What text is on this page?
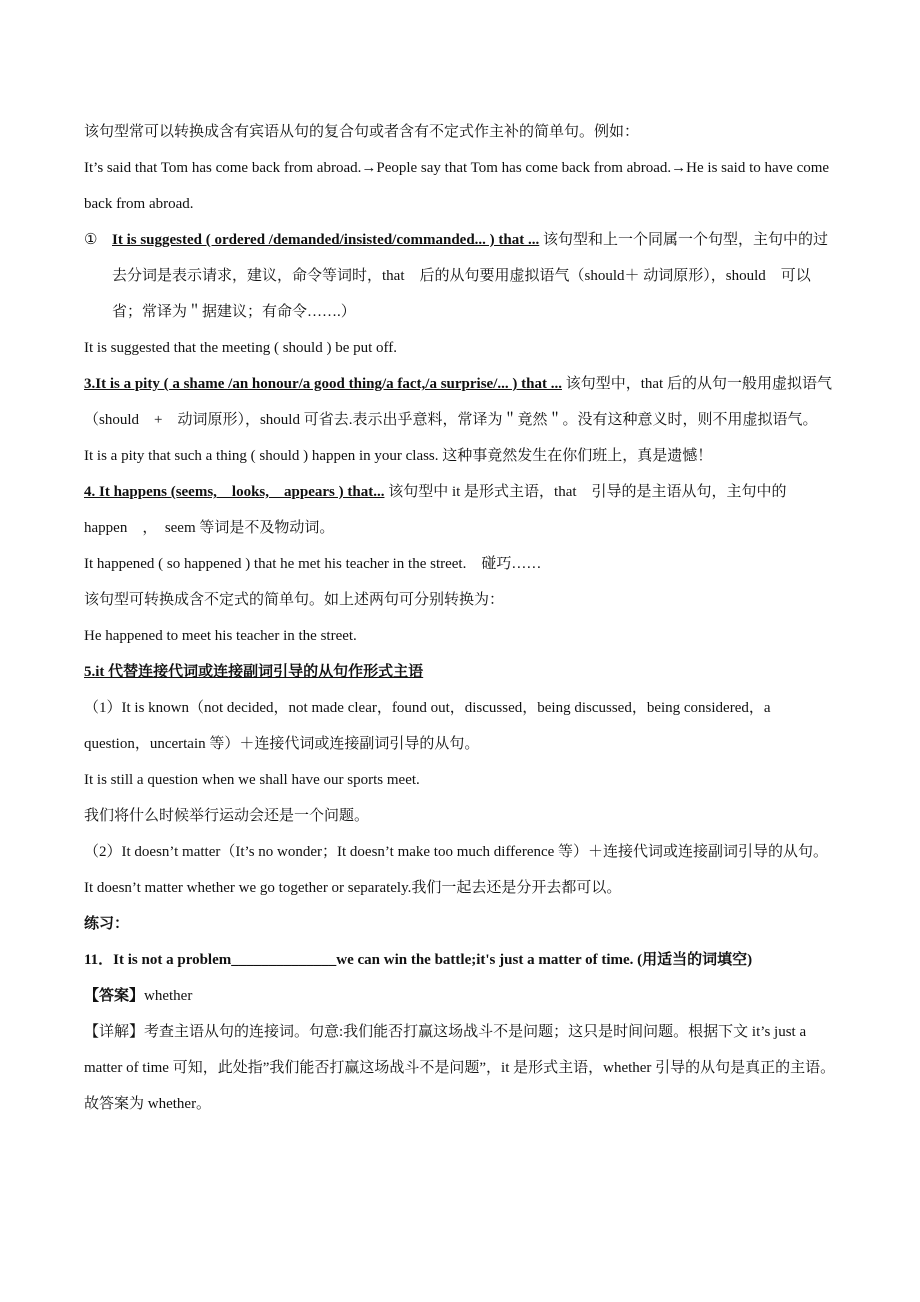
该句型常可以转换成含有宾语从句的复合句或者含有不定式作主补的简单句。例如：

It’s said that Tom has come back from abroad.→People say that Tom has come back from abroad.→He is said to have come back from abroad.

① It is suggested ( ordered /demanded/insisted/commanded... ) that ... 该句型和上一个同属一个句型，主句中的过去分词是表示请求，建议，命令等词时，that　后的从句要用虚拟语气（should＋ 动词原形），should　可以省；常译为＂据建议；有命令…….）

It is suggested that the meeting ( should ) be put off.

3.It is a pity ( a shame /an honour/a good thing/a fact,/a surprise/... ) that ... 该句型中，that 后的从句一般用虚拟语气（should　+　动词原形），should 可省去.表示出乎意料，常译为＂竟然＂。没有这种意义时，则不用虚拟语气。

It is a pity that such a thing ( should ) happen in your class. 这种事竟然发生在你们班上，真是遗憾！

4. It happens (seems,　looks,　appears ) that... 该句型中 it 是形式主语，that　引导的是主语从句，主句中的 happen　，　seem 等词是不及物动词。

It happened ( so happened ) that he met his teacher in the street.　碰巧……

该句型可转换成含不定式的简单句。如上述两句可分别转换为：

He happened to meet his teacher in the street.

5.it 代替连接代词或连接副词引导的从句作形式主语

（1）It is known（not decided，not made clear，found out，discussed，being discussed，being considered，a question，uncertain 等）＋连接代词或连接副词引导的从句。

It is still a question when we shall have our sports meet.

我们将什么时候举行运动会还是一个问题。

（2）It doesn’t matter（It’s no wonder；It doesn’t make too much difference 等）＋连接代词或连接副词引导的从句。

It doesn’t matter whether we go together or separately.我们一起去还是分开去都可以。

练习：

11．It is not a problem______________we can win the battle;it's just a matter of time. (用适当的词填空)

【答案】whether

【详解】考查主语从句的连接词。句意:我们能否打赢这场战斗不是问题；这只是时间问题。根据下文 it’s just a matter of time 可知，此处指”我们能否打赢这场战斗不是问题”，it 是形式主语，whether 引导的从句是真正的主语。故答案为 whether。
